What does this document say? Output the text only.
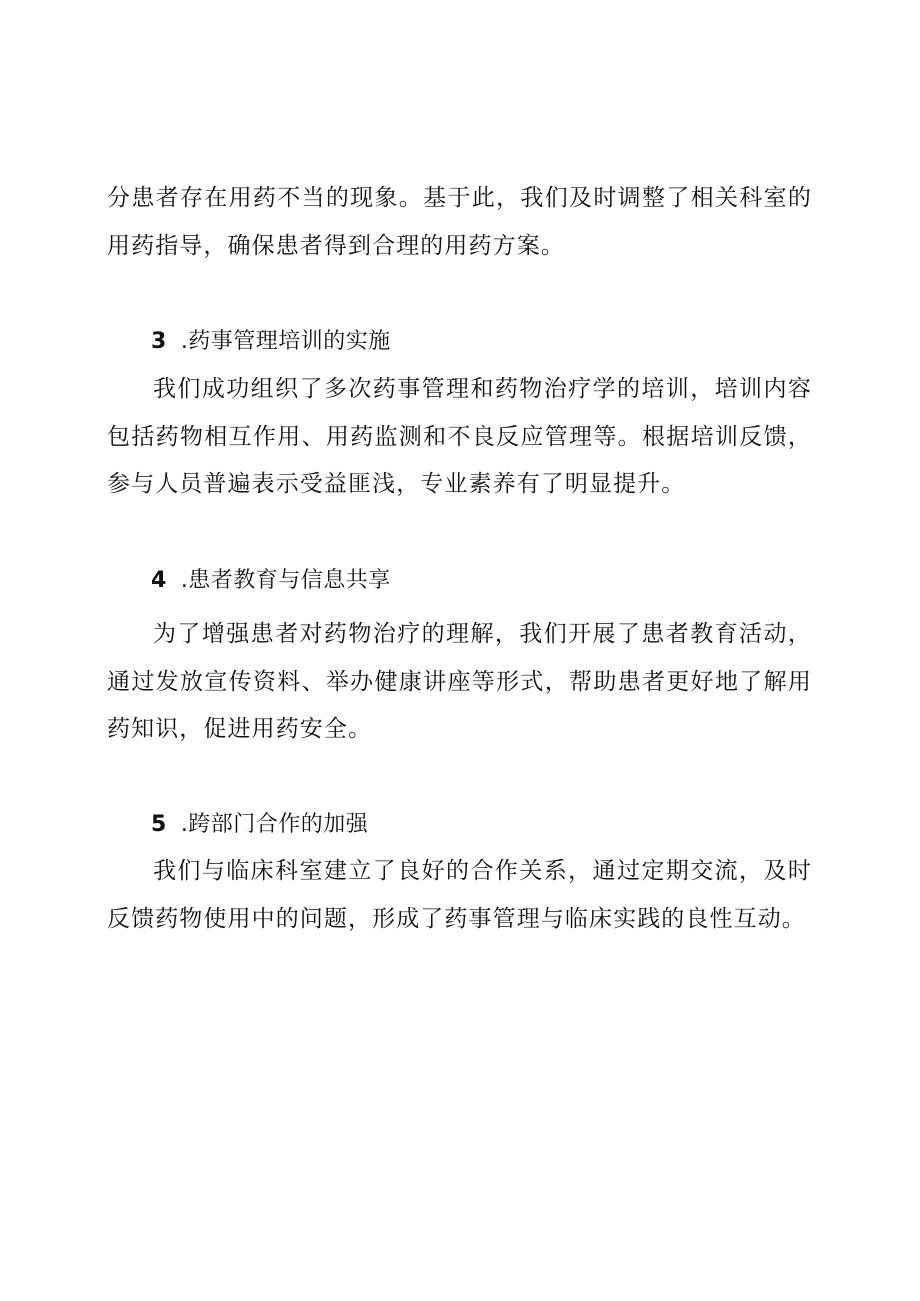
分患者存在用药不当的现象。基于此，我们及时调整了相关科室的用药指导，确保患者得到合理的用药方案。

3 .药事管理培训的实施

我们成功组织了多次药事管理和药物治疗学的培训，培训内容包括药物相互作用、用药监测和不良反应管理等。根据培训反馈，参与人员普遍表示受益匪浅，专业素养有了明显提升。

4 .患者教育与信息共享

为了增强患者对药物治疗的理解，我们开展了患者教育活动，通过发放宣传资料、举办健康讲座等形式，帮助患者更好地了解用药知识，促进用药安全。

5 .跨部门合作的加强

我们与临床科室建立了良好的合作关系，通过定期交流，及时反馈药物使用中的问题，形成了药事管理与临床实践的良性互动。
